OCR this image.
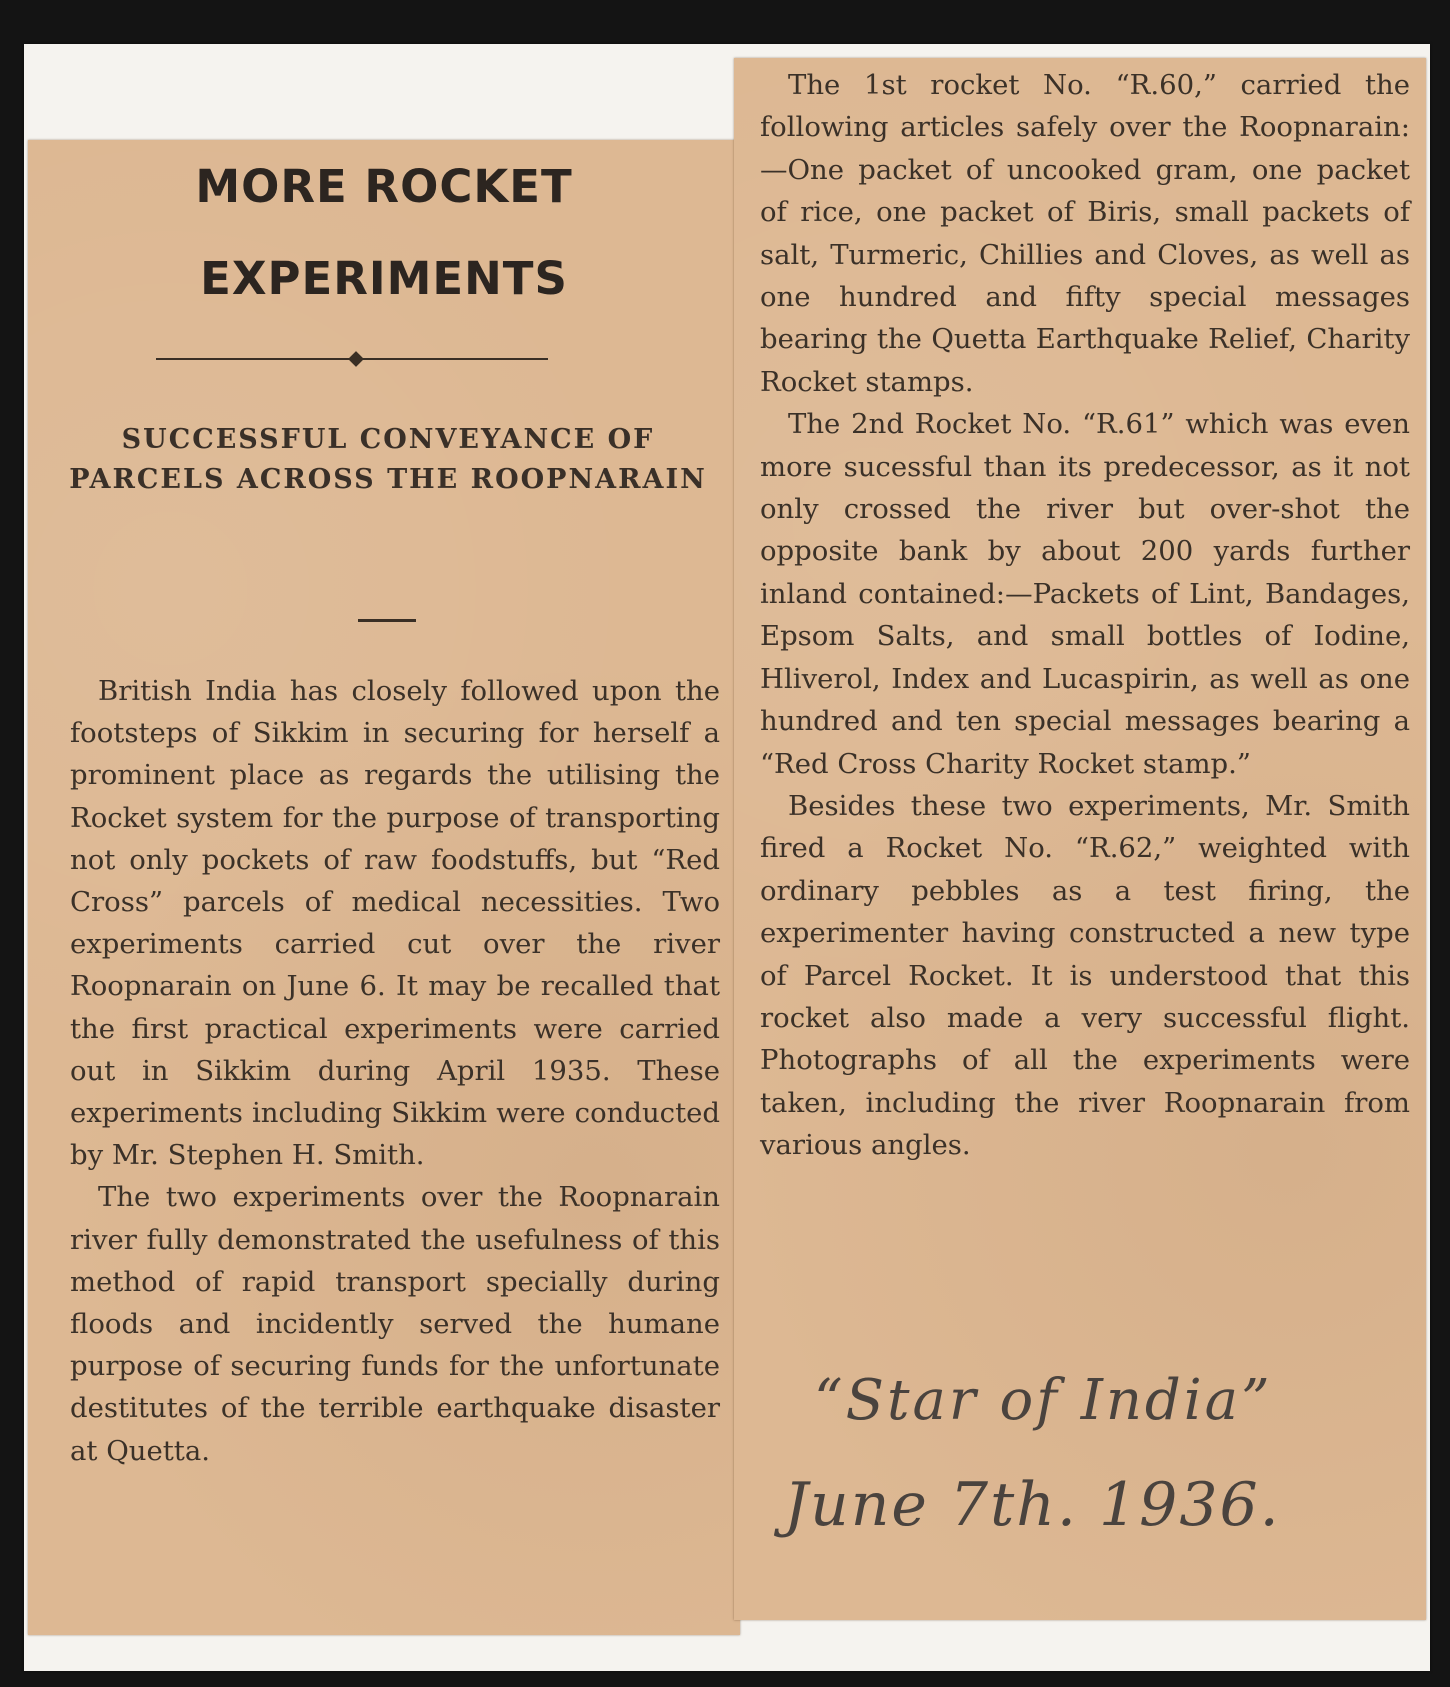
MORE ROCKET
EXPERIMENTS
SUCCESSFUL CONVEYANCE OF PARCELS ACROSS THE ROOPNARAIN

British India has closely followed upon the footsteps of Sikkim in securing for herself a prominent place as regards the utilising the Rocket system for the purpose of transporting not only pockets of raw foodstuffs, but “Red Cross” parcels of medical necessities. Two experiments carried cut over the river Roopnarain on June 6. It may be recalled that the first practical experiments were carried out in Sikkim during April 1935. These experiments including Sikkim were conducted by Mr. Stephen H. Smith.

The two experiments over the Roopnarain river fully demonstrated the usefulness of this method of rapid transport specially during floods and incidently served the humane purpose of securing funds for the unfortunate destitutes of the terrible earthquake disaster at Quetta.

The 1st rocket No. “R.60,” carried the following articles safely over the Roopnarain:—One packet of uncooked gram, one packet of rice, one packet of Biris, small packets of salt, Turmeric, Chillies and Cloves, as well as one hundred and fifty special messages bearing the Quetta Earthquake Relief, Charity Rocket stamps.

The 2nd Rocket No. “R.61” which was even more sucessful than its predecessor, as it not only crossed the river but over-shot the opposite bank by about 200 yards further inland contained:—Packets of Lint, Bandages, Epsom Salts, and small bottles of Iodine, Hliverol, Index and Lucaspirin, as well as one hundred and ten special messages bearing a “Red Cross Charity Rocket stamp.”

Besides these two experiments, Mr. Smith fired a Rocket No. “R.62,” weighted with ordinary pebbles as a test firing, the experimenter having constructed a new type of Parcel Rocket. It is understood that this rocket also made a very successful flight. Photographs of all the experiments were taken, including the river Roopnarain from various angles.

“Star of India”
June 7th. 1936.
